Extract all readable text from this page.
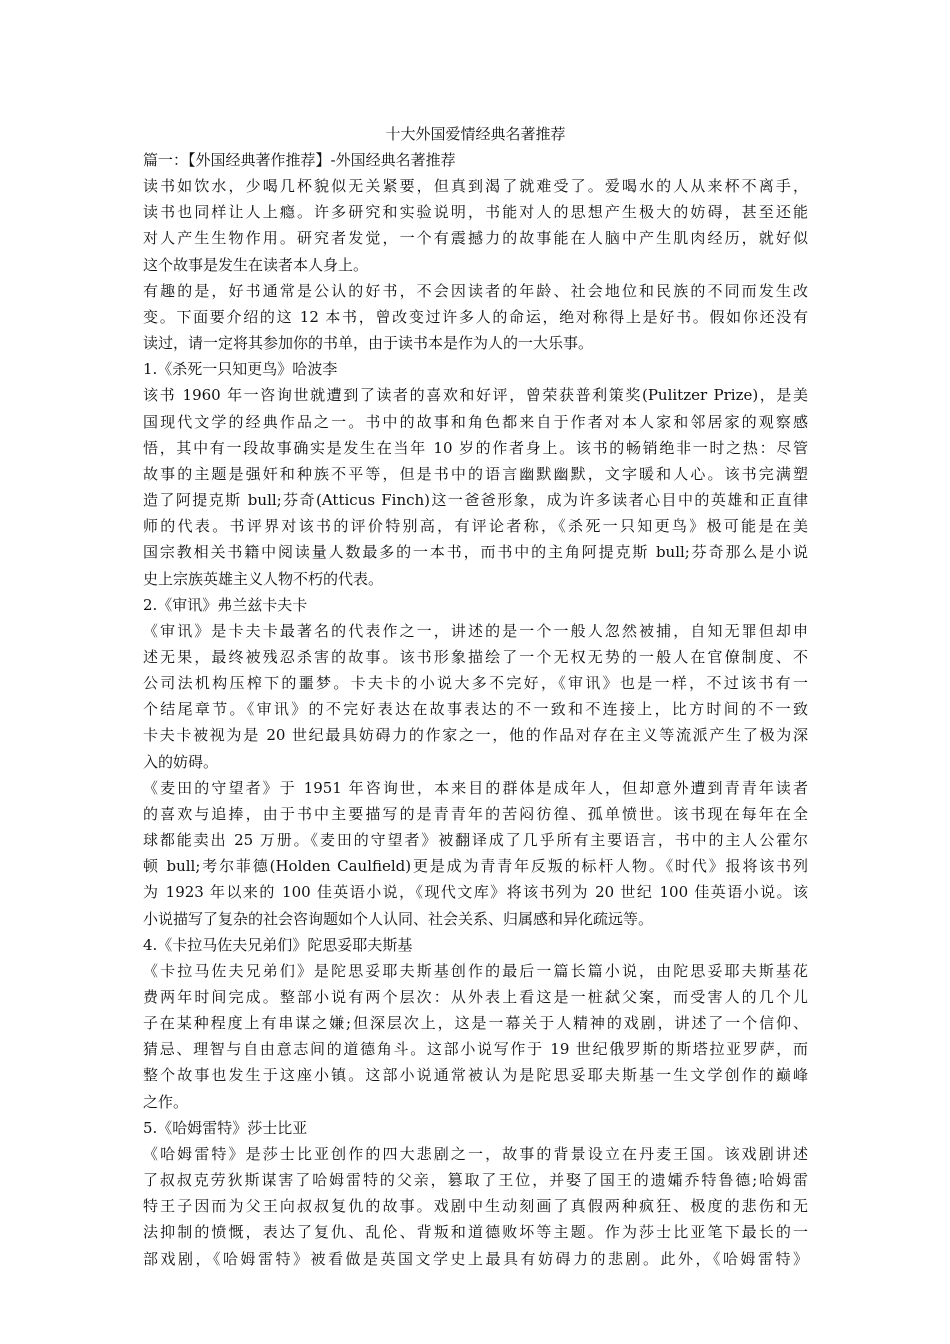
十大外国爱情经典名著推荐

篇一：【外国经典著作推荐】-外国经典名著推荐

读书如饮水，少喝几杯貌似无关紧要，但真到渴了就难受了。爱喝水的人从来杯不离手，

读书也同样让人上瘾。许多研究和实验说明，书能对人的思想产生极大的妨碍，甚至还能

对人产生生物作用。研究者发觉，一个有震撼力的故事能在人脑中产生肌肉经历，就好似

这个故事是发生在读者本人身上。

有趣的是，好书通常是公认的好书，不会因读者的年龄、社会地位和民族的不同而发生改

变。下面要介绍的这 12 本书，曾改变过许多人的命运，绝对称得上是好书。假如你还没有

读过，请一定将其参加你的书单，由于读书本是作为人的一大乐事。

1.《杀死一只知更鸟》哈波李

该书 1960 年一咨询世就遭到了读者的喜欢和好评，曾荣获普利策奖(Pulitzer Prize)，是美

国现代文学的经典作品之一。书中的故事和角色都来自于作者对本人家和邻居家的观察感

悟，其中有一段故事确实是发生在当年 10 岁的作者身上。该书的畅销绝非一时之热：尽管

故事的主题是强奸和种族不平等，但是书中的语言幽默幽默，文字暖和人心。该书完满塑

造了阿提克斯 bull;芬奇(Atticus Finch)这一爸爸形象，成为许多读者心目中的英雄和正直律

师的代表。书评界对该书的评价特别高，有评论者称，《杀死一只知更鸟》极可能是在美

国宗教相关书籍中阅读量人数最多的一本书，而书中的主角阿提克斯 bull;芬奇那么是小说

史上宗族英雄主义人物不朽的代表。

2.《审讯》弗兰兹卡夫卡

《审讯》是卡夫卡最著名的代表作之一，讲述的是一个一般人忽然被捕，自知无罪但却申

述无果，最终被残忍杀害的故事。该书形象描绘了一个无权无势的一般人在官僚制度、不

公司法机构压榨下的噩梦。卡夫卡的小说大多不完好，《审讯》也是一样，不过该书有一

个结尾章节。《审讯》的不完好表达在故事表达的不一致和不连接上，比方时间的不一致

卡夫卡被视为是 20 世纪最具妨碍力的作家之一，他的作品对存在主义等流派产生了极为深

入的妨碍。

《麦田的守望者》于 1951 年咨询世，本来目的群体是成年人，但却意外遭到青青年读者

的喜欢与追捧，由于书中主要描写的是青青年的苦闷彷徨、孤单愤世。该书现在每年在全

球都能卖出 25 万册。《麦田的守望者》被翻译成了几乎所有主要语言，书中的主人公霍尔

顿 bull;考尔菲德(Holden Caulfield)更是成为青青年反叛的标杆人物。《时代》报将该书列

为 1923 年以来的 100 佳英语小说，《现代文库》将该书列为 20 世纪 100 佳英语小说。该

小说描写了复杂的社会咨询题如个人认同、社会关系、归属感和异化疏远等。

4.《卡拉马佐夫兄弟们》陀思妥耶夫斯基

《卡拉马佐夫兄弟们》是陀思妥耶夫斯基创作的最后一篇长篇小说，由陀思妥耶夫斯基花

费两年时间完成。整部小说有两个层次：从外表上看这是一桩弑父案，而受害人的几个儿

子在某种程度上有串谋之嫌;但深层次上，这是一幕关于人精神的戏剧，讲述了一个信仰、

猜忌、理智与自由意志间的道德角斗。这部小说写作于 19 世纪俄罗斯的斯塔拉亚罗萨，而

整个故事也发生于这座小镇。这部小说通常被认为是陀思妥耶夫斯基一生文学创作的巅峰

之作。

5.《哈姆雷特》莎士比亚

《哈姆雷特》是莎士比亚创作的四大悲剧之一，故事的背景设立在丹麦王国。该戏剧讲述

了叔叔克劳狄斯谋害了哈姆雷特的父亲，篡取了王位，并娶了国王的遗孀乔特鲁德;哈姆雷

特王子因而为父王向叔叔复仇的故事。戏剧中生动刻画了真假两种疯狂、极度的悲伤和无

法抑制的愤慨，表达了复仇、乱伦、背叛和道德败坏等主题。作为莎士比亚笔下最长的一

部戏剧，《哈姆雷特》被看做是英国文学史上最具有妨碍力的悲剧。此外，《哈姆雷特》
